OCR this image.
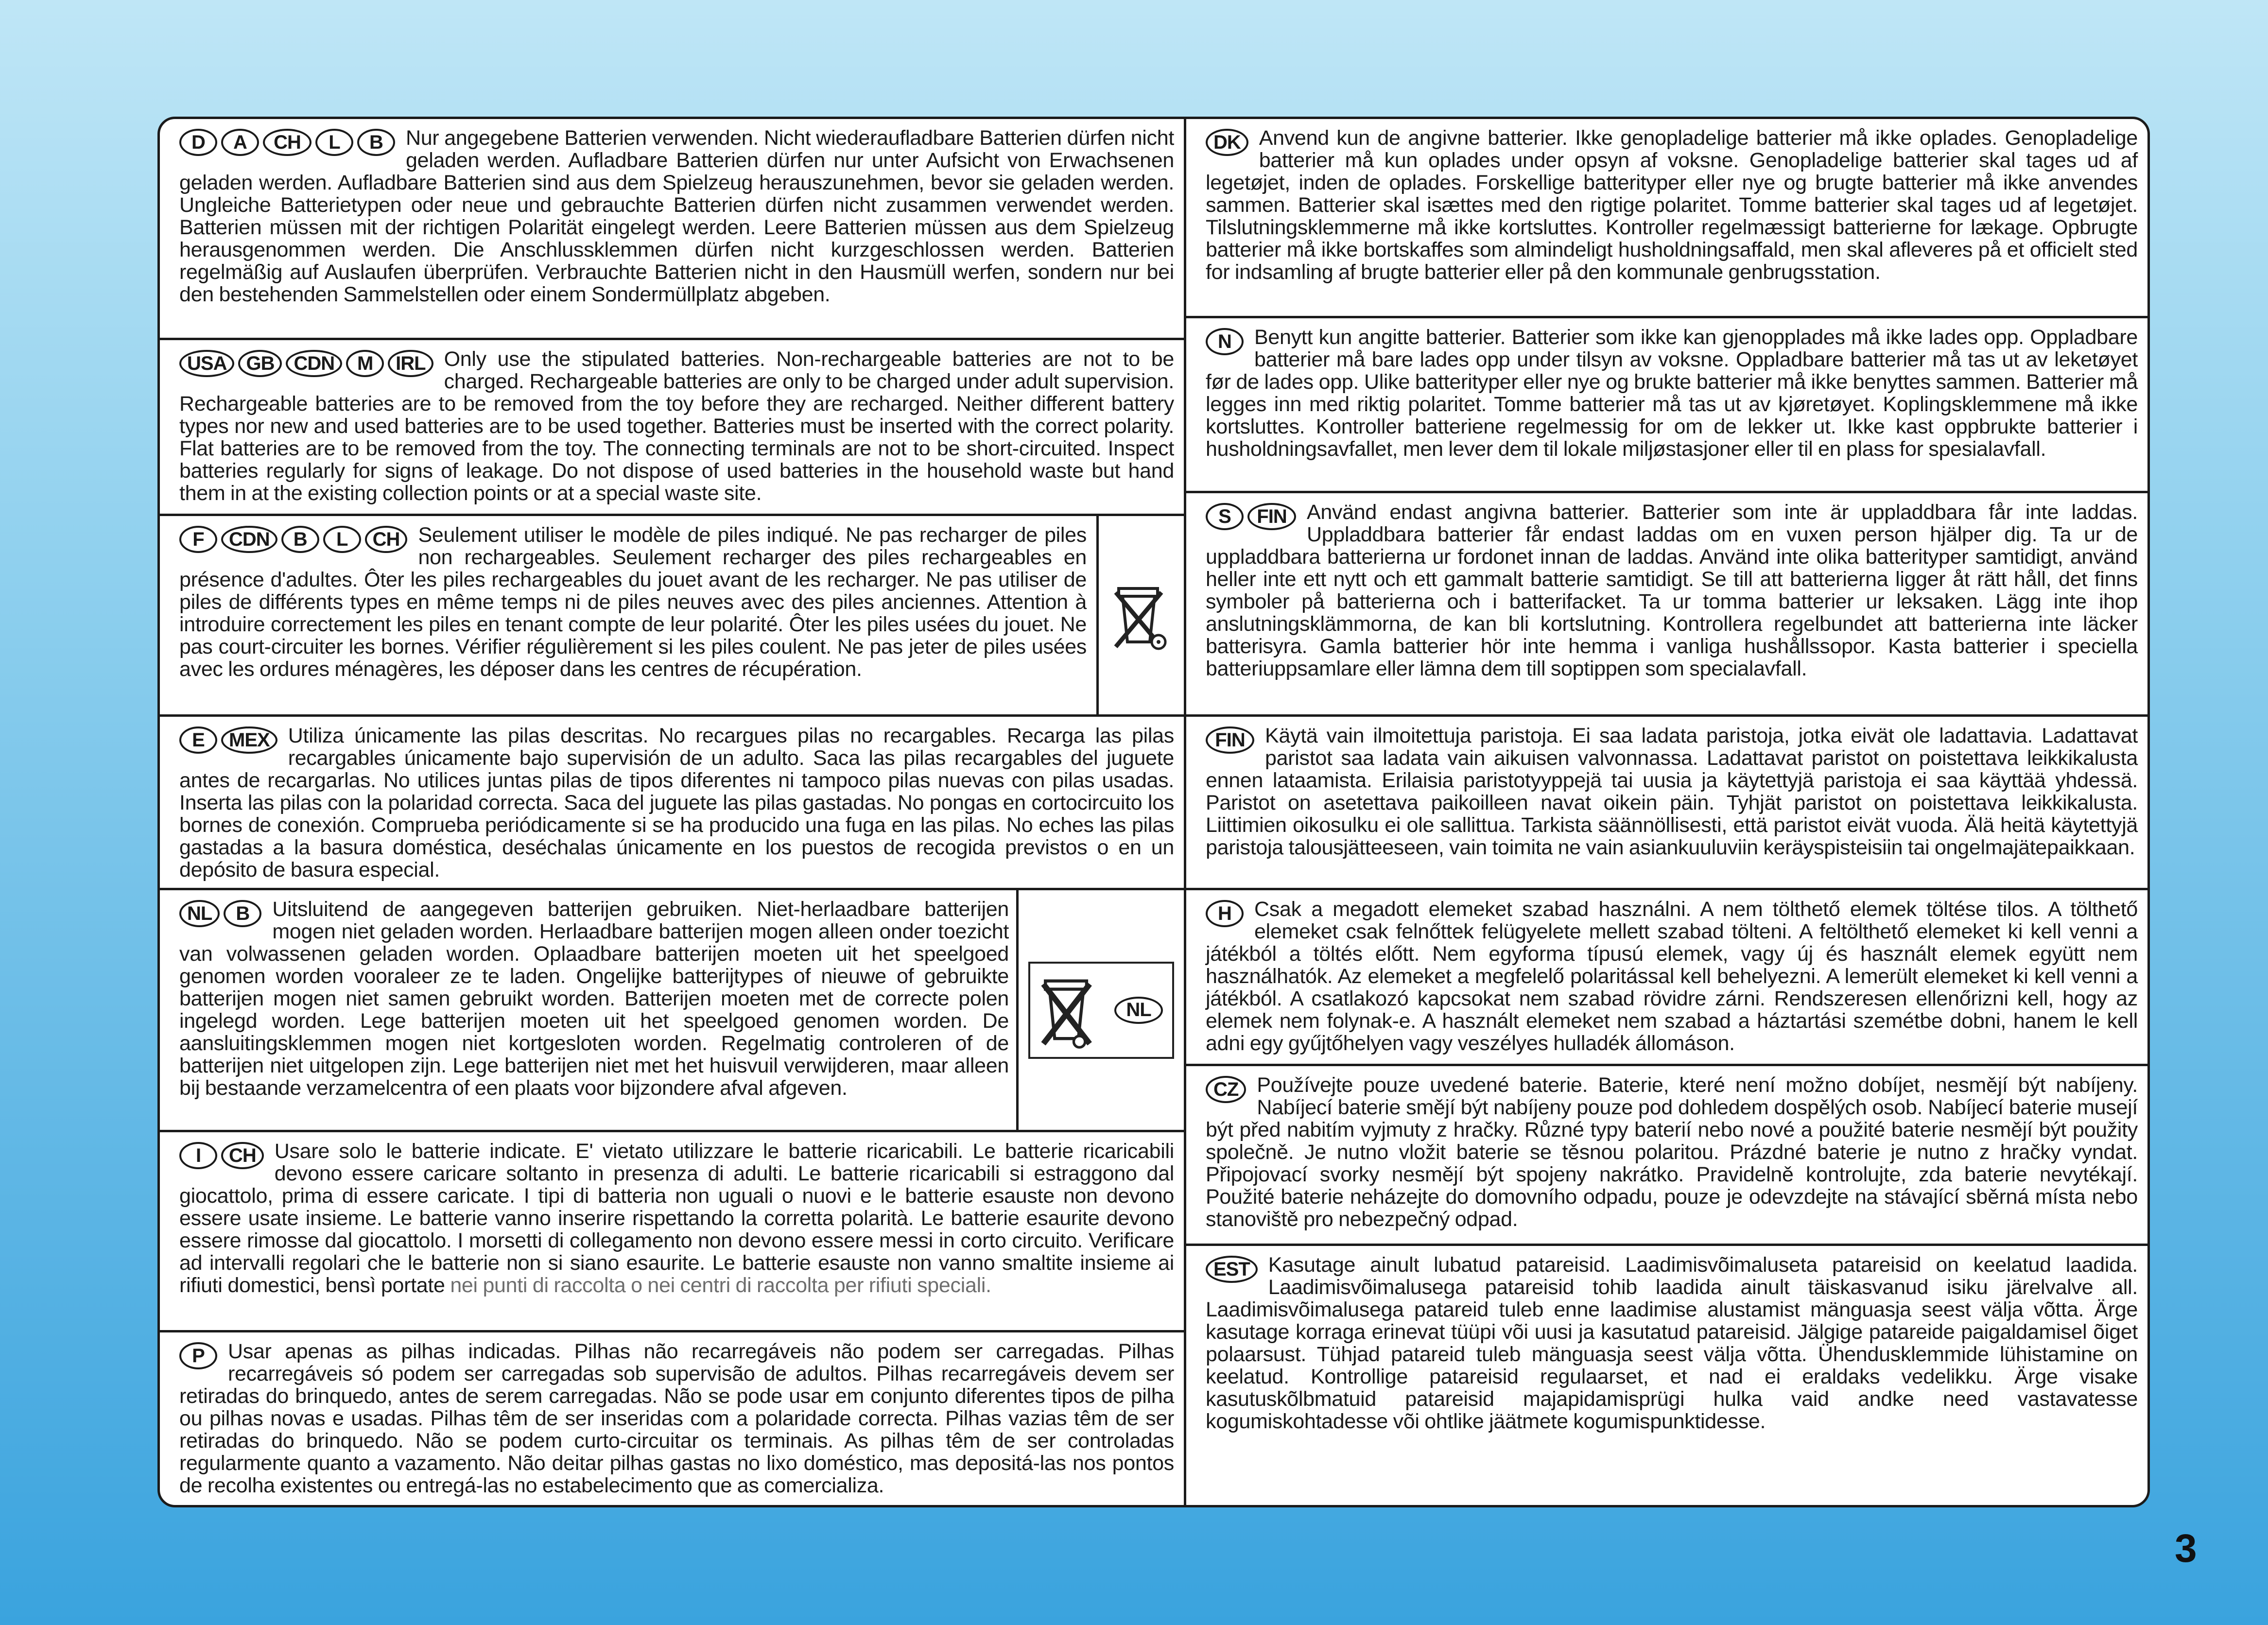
D A CH L B	Nur angegebene Batterien verwenden. Nicht wiederaufladbare Batterien dürfen nicht geladen werden. Aufladbare Batterien dürfen nur unter Aufsicht von Erwachsenen geladen werden. Aufladbare Batterien sind aus dem Spielzeug herauszunehmen, bevor sie geladen werden. Ungleiche Batterietypen oder neue und gebrauchte Batterien dürfen nicht zusammen verwendet werden. Batterien müssen mit der richtigen Polarität eingelegt werden. Leere Batterien müssen aus dem Spielzeug herausgenommen werden. Die Anschlussklemmen dürfen nicht kurzgeschlossen werden. Batterien regelmäßig auf Auslaufen überprüfen. Verbrauchte Batterien nicht in den Hausmüll werfen, sondern nur bei den bestehenden Sammelstellen oder einem Sondermüllplatz abgeben.
USA GB CDN M IRL Only use the stipulated batteries. Non-rechargeable batteries are not to be charged. Rechargeable batteries are only to be charged under adult supervision. Rechargeable batteries are to be removed from the toy before they are recharged. Neither different battery types nor new and used batteries are to be used together. Batteries must be inserted with the correct polarity. Flat batteries are to be removed from the toy. The connecting terminals are not to be short-circuited. Inspect batteries regularly for signs of leakage. Do not dispose of used batteries in the household waste but hand them in at the existing collection points or at a special waste site.
F CDN B L CH Seulement utiliser le modèle de piles indiqué. Ne pas recharger de piles non rechargeables. Seulement recharger des piles rechargeables en présence d'adultes. Ôter les piles rechargeables du jouet avant de les recharger. Ne pas utiliser de piles de différents types en même temps ni de piles neuves avec des piles anciennes. Attention à introduire correctement les piles en tenant compte de leur polarité. Ôter les piles usées du jouet. Ne pas court-circuiter les bornes. Vérifier régulièrement si les piles coulent. Ne pas jeter de piles usées avec les ordures ménagères, les déposer dans les centres de récupération.
E MEX Utiliza únicamente las pilas descritas. No recargues pilas no recargables. Recarga las pilas recargables únicamente bajo supervisión de un adulto. Saca las pilas recargables del juguete antes de recargarlas. No utilices juntas pilas de tipos diferentes ni tampoco pilas nuevas con pilas usadas. Inserta las pilas con la polaridad correcta. Saca del juguete las pilas gastadas. No pongas en cortocircuito los bornes de conexión. Comprueba periódicamente si se ha producido una fuga en las pilas. No eches las pilas gastadas a la basura doméstica, deséchalas únicamente en los puestos de recogida previstos o en un depósito de basura especial.
NL B	Uitsluitend de aangegeven batterijen gebruiken. Niet-herlaadbare batterijen mogen niet geladen worden. Herlaadbare batterijen mogen alleen onder toezicht van volwassenen geladen worden. Oplaadbare batterijen moeten uit het speelgoed genomen worden vooraleer ze te laden. Ongelijke batterijtypes of nieuwe of gebruikte batterijen mogen niet samen gebruikt worden. Batterijen moeten met de correcte polen ingelegd worden. Lege batterijen moeten uit het speelgoed genomen worden. De aansluitingsklemmen mogen niet kortgesloten worden. Regelmatig controleren of de batterijen niet uitgelopen zijn. Lege batterijen niet met het huisvuil verwijderen, maar alleen bij bestaande verzamelcentra of een plaats voor bijzondere afval afgeven.
NL
I CH Usare solo le batterie indicate. E' vietato utilizzare le batterie ricaricabili. Le batterie ricaricabili devono essere caricare soltanto in presenza di adulti. Le batterie ricaricabili si estraggono dal giocattolo, prima di essere caricate. I tipi di batteria non uguali o nuovi e le batterie esauste non devono essere usate insieme. Le batterie vanno inserire rispettando la corretta polarità. Le batterie esaurite devono essere rimosse dal giocattolo. I morsetti di collegamento non devono essere messi in corto circuito. Verificare ad intervalli regolari che le batterie non si siano esaurite. Le batterie esauste non vanno smaltite insieme ai rifiuti domestici, bensì portate nei punti di raccolta o nei centri di raccolta per rifiuti speciali.
P	Usar apenas as pilhas indicadas. Pilhas não recarregáveis não podem ser carregadas. Pilhas recarregáveis só podem ser carregadas sob supervisão de adultos. Pilhas recarregáveis devem ser retiradas do brinquedo, antes de serem carregadas. Não se pode usar em conjunto diferentes tipos de pilha ou pilhas novas e usadas. Pilhas têm de ser inseridas com a polaridade correcta. Pilhas vazias têm de ser retiradas do brinquedo. Não se podem curto-circuitar os terminais. As pilhas têm de ser controladas regularmente quanto a vazamento. Não deitar pilhas gastas no lixo doméstico, mas depositá-las nos pontos de recolha existentes ou entregá-las no estabelecimento que as comercializa.
DK Anvend kun de angivne batterier. Ikke genopladelige batterier må ikke oplades. Genopladelige batterier må kun oplades under opsyn af voksne. Genopladelige batterier skal tages ud af legetøjet, inden de oplades. Forskellige batterityper eller nye og brugte batterier må ikke anvendes sammen. Batterier skal isættes med den rigtige polaritet. Tomme batterier skal tages ud af legetøjet. Tilslutningsklemmerne må ikke kortsluttes. Kontroller regelmæssigt batterierne for lækage. Opbrugte batterier må ikke bortskaffes som almindeligt husholdningsaffald, men skal afleveres på et officielt sted for indsamling af brugte batterier eller på den kommunale genbrugsstation.
N	Benytt kun angitte batterier. Batterier som ikke kan gjenopplades må ikke lades opp. Oppladbare batterier må bare lades opp under tilsyn av voksne. Oppladbare batterier må tas ut av leketøyet før de lades opp. Ulike batterityper eller nye og brukte batterier må ikke benyttes sammen. Batterier må legges inn med riktig polaritet. Tomme batterier må tas ut av kjøretøyet. Koplingsklemmene må ikke kortsluttes. Kontroller batteriene regelmessig for om de lekker ut. Ikke kast oppbrukte batterier i husholdningsavfallet, men lever dem til lokale miljøstasjoner eller til en plass for spesialavfall.
S FIN Använd endast angivna batterier. Batterier som inte är uppladdbara får inte laddas. Uppladdbara batterier får endast laddas om en vuxen person hjälper dig. Ta ur de uppladdbara batterierna ur fordonet innan de laddas. Använd inte olika batterityper samtidigt, använd heller inte ett nytt och ett gammalt batterie samtidigt. Se till att batterierna ligger åt rätt håll, det finns symboler på batterierna och i batterifacket. Ta ur tomma batterier ur leksaken. Lägg inte ihop anslutningsklämmorna, de kan bli kortslutning. Kontrollera regelbundet att batterierna inte läcker batterisyra. Gamla batterier hör inte hemma i vanliga hushållssopor. Kasta batterier i speciella batteriuppsamlare eller lämna dem till soptippen som specialavfall.
FIN Käytä vain ilmoitettuja paristoja. Ei saa ladata paristoja, jotka eivät ole ladattavia. Ladattavat paristot saa ladata vain aikuisen valvonnassa. Ladattavat paristot on poistettava leikkikalusta ennen lataamista. Erilaisia paristotyyppejä tai uusia ja käytettyjä paristoja ei saa käyttää yhdessä. Paristot on asetettava paikoilleen navat oikein päin. Tyhjät paristot on poistettava leikkikalusta. Liittimien oikosulku ei ole sallittua. Tarkista säännöllisesti, että paristot eivät vuoda. Älä heitä käytettyjä paristoja talousjätteeseen, vain toimita ne vain asiankuuluviin keräyspisteisiin tai ongelmajätepaikkaan.
H	Csak a megadott elemeket szabad használni. A nem tölthető elemek töltése tilos. A tölthető elemeket csak felnőttek felügyelete mellett szabad tölteni. A feltölthető elemeket ki kell venni a játékból a töltés előtt. Nem egyforma típusú elemek, vagy új és használt elemek együtt nem használhatók. Az elemeket a megfelelő polaritással kell behelyezni. A lemerült elemeket ki kell venni a játékból. A csatlakozó kapcsokat nem szabad rövidre zárni. Rendszeresen ellenőrizni kell, hogy az elemek nem folynak-e. A használt elemeket nem szabad a háztartási szemétbe dobni, hanem le kell adni egy gyűjtőhelyen vagy veszélyes hulladék állomáson.
CZ Používejte pouze uvedené baterie. Baterie, které není možno dobíjet, nesmějí být nabíjeny. Nabíjecí baterie smějí být nabíjeny pouze pod dohledem dospělých osob. Nabíjecí baterie musejí být před nabitím vyjmuty z hračky. Různé typy baterií nebo nové a použité baterie nesmějí být použity společně. Je nutno vložit baterie se těsnou polaritou. Prázdné baterie je nutno z hračky vyndat. Připojovací svorky nesmějí být spojeny nakrátko. Pravidelně kontrolujte, zda baterie nevytékají. Použité baterie neházejte do domovního odpadu, pouze je odevzdejte na stávající sběrná místa nebo stanoviště pro nebezpečný odpad.
EST Kasutage ainult lubatud patareisid. Laadimisvõimaluseta patareisid on keelatud laadida. Laadimisvõimalusega patareisid tohib laadida ainult täiskasvanud isiku järelvalve all. Laadimisvõimalusega patareid tuleb enne laadimise alustamist mänguasja seest välja võtta. Ärge kasutage korraga erinevat tüüpi või uusi ja kasutatud patareisid. Jälgige patareide paigaldamisel õiget polaarsust. Tühjad patareid tuleb mänguasja seest välja võtta. Ühendusklemmide lühistamine on keelatud. Kontrollige patareisid regulaarset, et nad ei eraldaks vedelikku. Ärge visake kasutuskõlbmatuid patareisid majapidamisprügi hulka vaid andke need vastavatesse kogumiskohtadesse või ohtlike jäätmete kogumispunktidesse.
3
